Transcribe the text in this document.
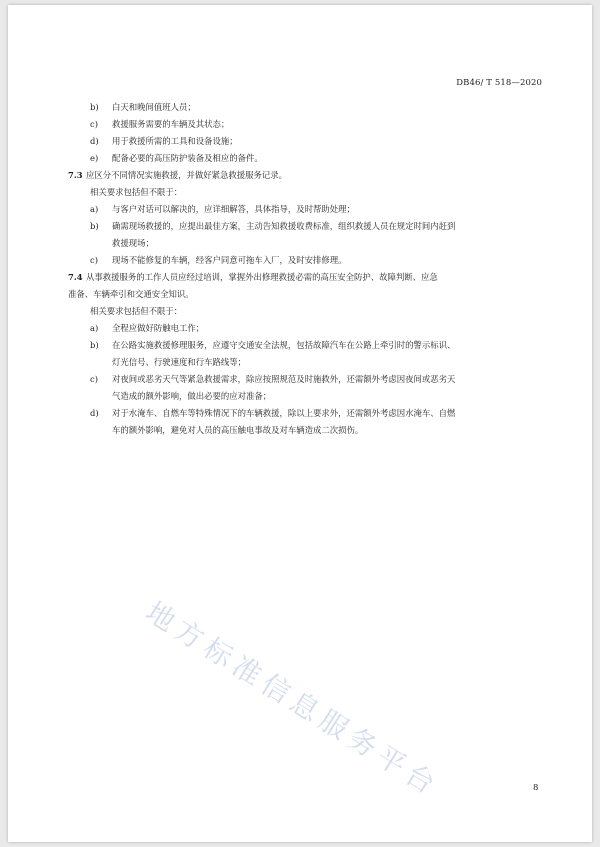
DB46/ T 518—2020
b) 白天和晚间值班人员；
c) 救援服务需要的车辆及其状态；
d) 用于救援所需的工具和设备设施；
e) 配备必要的高压防护装备及相应的备件。
7.3 应区分不同情况实施救援，并做好紧急救援服务记录。
相关要求包括但不限于：
a) 与客户对话可以解决的，应详细解答，具体指导，及时帮助处理；
b) 确需现场救援的，应提出最佳方案，主动告知救援收费标准，组织救援人员在规定时间内赶到
救援现场；
c) 现场不能修复的车辆，经客户同意可拖车入厂，及时安排修理。
7.4 从事救援服务的工作人员应经过培训，掌握外出修理救援必需的高压安全防护、故障判断、应急
准备、车辆牵引和交通安全知识。
相关要求包括但不限于：
a) 全程应做好防触电工作；
b) 在公路实施救援修理服务，应遵守交通安全法规，包括故障汽车在公路上牵引时的警示标识、
灯光信号、行驶速度和行车路线等；
c) 对夜间或恶劣天气等紧急救援需求，除应按照规范及时施救外，还需额外考虑因夜间或恶劣天
气造成的额外影响，做出必要的应对准备；
d) 对于水淹车、自燃车等特殊情况下的车辆救援，除以上要求外，还需额外考虑因水淹车、自燃
车的额外影响，避免对人员的高压触电事故及对车辆造成二次损伤。
地方标准信息服务平台	8
